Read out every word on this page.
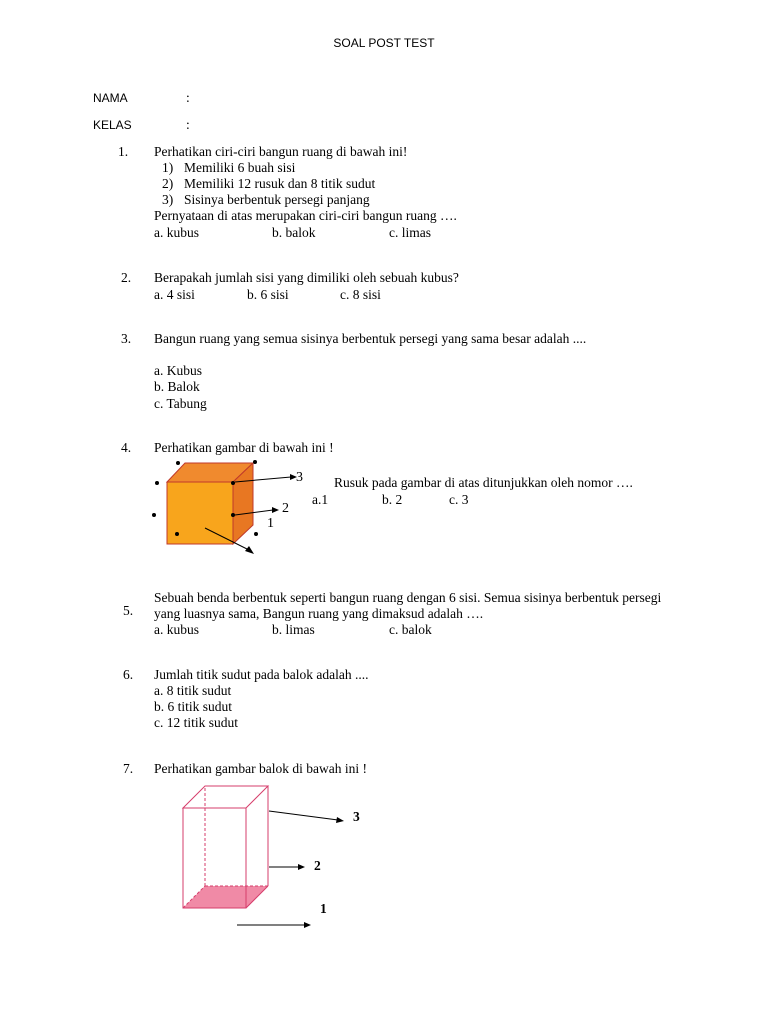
SOAL POST TEST
NAMA	:
KELAS	:
1. Perhatikan ciri-ciri bangun ruang di bawah ini!
1) Memiliki 6 buah sisi
2) Memiliki 12 rusuk dan 8 titik sudut
3) Sisinya berbentuk persegi panjang
Pernyataan di atas merupakan ciri-ciri bangun ruang ….
a. kubus	b. balok	c. limas
2. Berapakah jumlah sisi yang dimiliki oleh sebuah kubus?
a. 4 sisi	b. 6 sisi	c. 8 sisi
3. Bangun ruang yang semua sisinya berbentuk persegi yang sama besar adalah ....
a. Kubus
b. Balok
c. Tabung
4. Perhatikan gambar di bawah ini !
3
2
1
Rusuk pada gambar di atas ditunjukkan oleh nomor ….
a.1	b. 2	c. 3
5.
Sebuah benda berbentuk seperti bangun ruang dengan 6 sisi. Semua sisinya berbentuk persegi
yang luasnya sama, Bangun ruang yang dimaksud adalah ….
a. kubus	b. limas	c. balok
6. Jumlah titik sudut pada balok adalah ....
a. 8 titik sudut
b. 6 titik sudut
c. 12 titik sudut
7. Perhatikan gambar balok di bawah ini !
3
2
1
